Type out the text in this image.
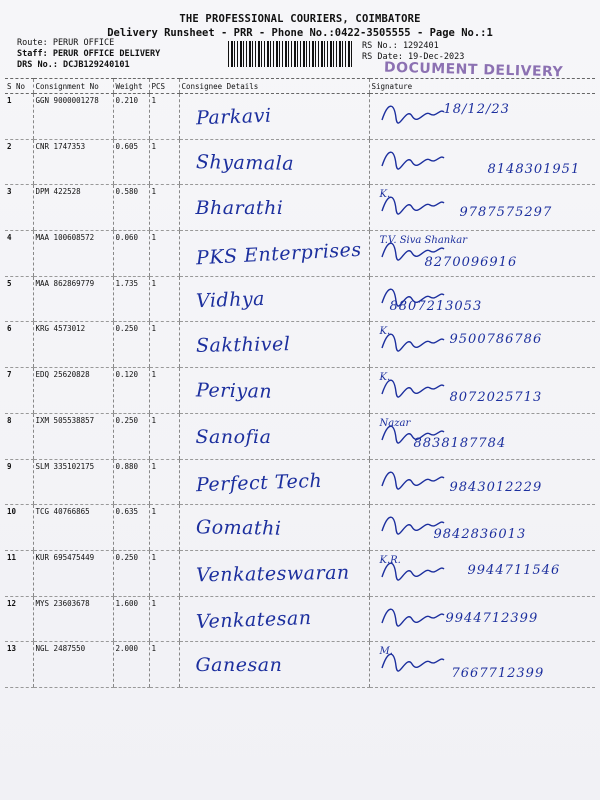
THE PROFESSIONAL COURIERS, COIMBATORE
Delivery Runsheet - PRR - Phone No.:0422-3505555 - Page No.:1
Route: PERUR OFFICE
Staff: PERUR OFFICE DELIVERY
DRS No.: DCJB129240101
RS No.: 1292401
RS Date: 19-Dec-2023
DOCUMENT DELIVERY
S No	Consignment No	Weight	PCS	Consignee Details	Signature
1	GGN 9000001278	0.210	1	Parkavi	18/12/23

2	CNR 1747353	0.605	1	Shyamala	8148301951

3	DPM 422528	0.580	1	Bharathi	K.
9787575297

4	MAA 100608572	0.060	1	PKS Enterprises	T.V. Siva Shankar
8270096916

5	MAA 862869779	1.735	1	Vidhya	8807213053

6	KRG 4573012	0.250	1	Sakthivel	K.
9500786786

7	EDQ 25620828	0.120	1	Periyan	K.
8072025713

8	IXM 505538857	0.250	1	Sanofia	Nazar
8838187784

9	SLM 335102175	0.880	1	Perfect Tech	9843012229

10	TCG 40766865	0.635	1	Gomathi	9842836013

11	KUR 695475449	0.250	1	Venkateswaran	K.R.
9944711546

12	MYS 23603678	1.600	1	Venkatesan	9944712399

13	NGL 2487550	2.000	1	Ganesan	M.
7667712399
